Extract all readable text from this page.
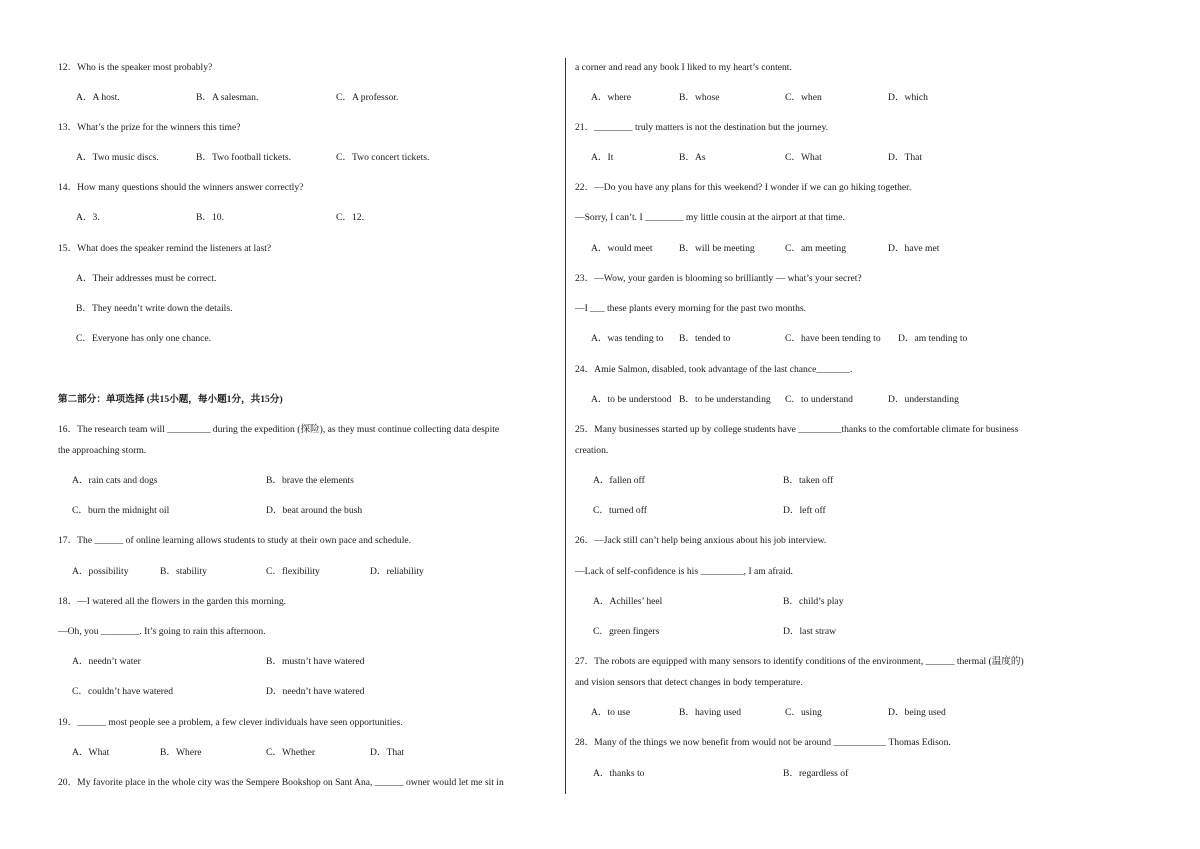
12．Who is the speaker most probably?
A．A host.	B．A salesman.	C．A professor.
13．What’s the prize for the winners this time?
A．Two music discs.	B．Two football tickets.	C．Two concert tickets.
14．How many questions should the winners answer correctly?
A．3.	B．10.	C．12.
15．What does the speaker remind the listeners at last?
A．Their addresses must be correct.
B．They needn’t write down the details.
C．Everyone has only one chance.
第二部分：单项选择 (共15小题，每小题1分，共15分)
16．The research team will _________ during the expedition (探险), as they must continue collecting data despite
the approaching storm.
A．rain cats and dogs	B．brave the elements
C．burn the midnight oil	D．beat around the bush
17．The ______ of online learning allows students to study at their own pace and schedule.
A．possibility	B．stability	C．flexibility	D．reliability
18．—I watered all the flowers in the garden this morning.
—Oh, you ________. It’s going to rain this afternoon.
A．needn’t water	B．mustn’t have watered
C．couldn’t have watered	D．needn’t have watered
19．______ most people see a problem, a few clever individuals have seen opportunities.
A．What	B．Where	C．Whether	D．That
20．My favorite place in the whole city was the Sempere Bookshop on Sant Ana, ______ owner would let me sit in
a corner and read any book I liked to my heart’s content.
A．where	B．whose	C．when	D．which
21．________ truly matters is not the destination but the journey.
A．It	B．As	C．What	D．That
22．—Do you have any plans for this weekend? I wonder if we can go hiking together.
—Sorry, I can’t. I ________ my little cousin at the airport at that time.
A．would meet	B．will be meeting	C．am meeting	D．have met
23．—Wow, your garden is blooming so brilliantly — what’s your secret?
—I ___ these plants every morning for the past two months.
A．was tending to B．tended to	C．have been tending to D．am tending to
24．Amie Salmon, disabled, took advantage of the last chance_______.
A．to be understood B．to be understanding C．to understand	D．understanding
25．Many businesses started up by college students have _________thanks to the comfortable climate for business
creation.
A．fallen off	B．taken off
C．turned off	D．left off
26．—Jack still can’t help being anxious about his job interview.
—Lack of self-confidence is his _________, I am afraid.
A．Achilles’ heel	B．child’s play
C．green fingers	D．last straw
27．The robots are equipped with many sensors to identify conditions of the environment, ______ thermal (温度的)
and vision sensors that detect changes in body temperature.
A．to use	B．having used	C．using	D．being used
28．Many of the things we now benefit from would not be around ___________ Thomas Edison.
A．thanks to	B．regardless of
